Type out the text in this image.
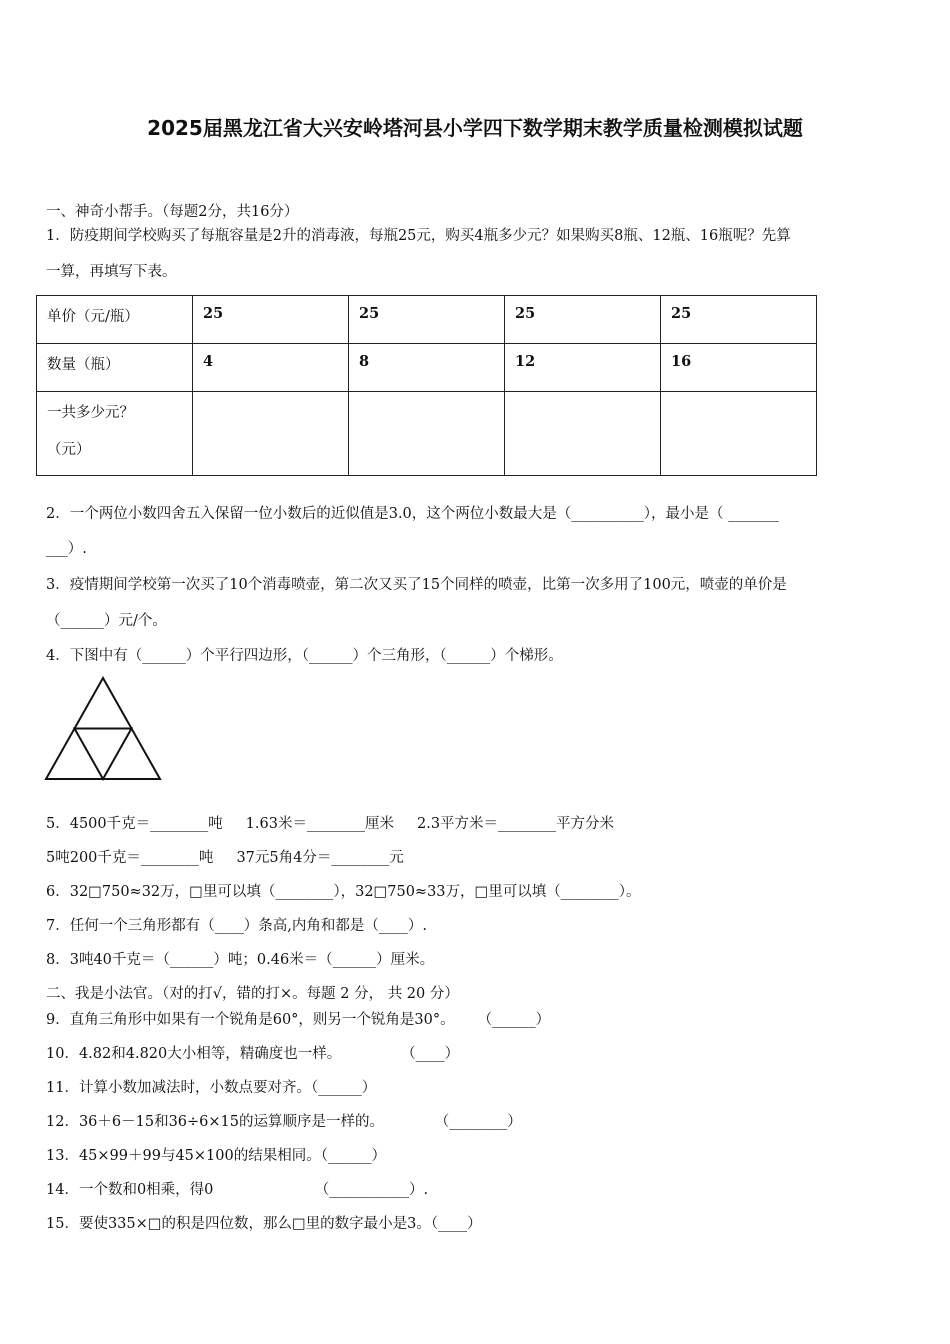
2025届黑龙江省大兴安岭塔河县小学四下数学期末教学质量检测模拟试题
一、神奇小帮手。（每题2分，共16分）
1．防疫期间学校购买了每瓶容量是2升的消毒液，每瓶25元，购买4瓶多少元？如果购买8瓶、12瓶、16瓶呢？先算
一算，再填写下表。
单价（元/瓶）	25	25	25	25
数量（瓶）	4	8	12	16

一共多少元？
（元）				

2．一个两位小数四舍五入保留一位小数后的近似值是3.0，这个两位小数最大是（__________），最小是（ _______
___）.
3．疫情期间学校第一次买了10个消毒喷壶，第二次又买了15个同样的喷壶，比第一次多用了100元，喷壶的单价是
（______）元/个。
4．下图中有（______）个平行四边形，（______）个三角形，（______）个梯形。
5．4500千克＝________吨     1.63米＝________厘米     2.3平方米＝________平方分米
5吨200千克＝________吨     37元5角4分＝________元
6．32□750≈32万，□里可以填（________），32□750≈33万，□里可以填（________）。
7．任何一个三角形都有（____）条高,内角和都是（____）.
8．3吨40千克＝（______）吨；0.46米＝（______）厘米。
二、我是小法官。（对的打√，错的打×。每题 2 分， 共 20 分）
9．直角三角形中如果有一个锐角是60°，则另一个锐角是30°。     （______）
10．4.82和4.820大小相等，精确度也一样。             （____）
11．计算小数加减法时，小数点要对齐。（______）
12．36＋6－15和36÷6×15的运算顺序是一样的。           （________）
13．45×99＋99与45×100的结果相同。（______）
14．一个数和0相乘，得0                      （___________）.
15．要使335×□的积是四位数，那么□里的数字最小是3。（____）
